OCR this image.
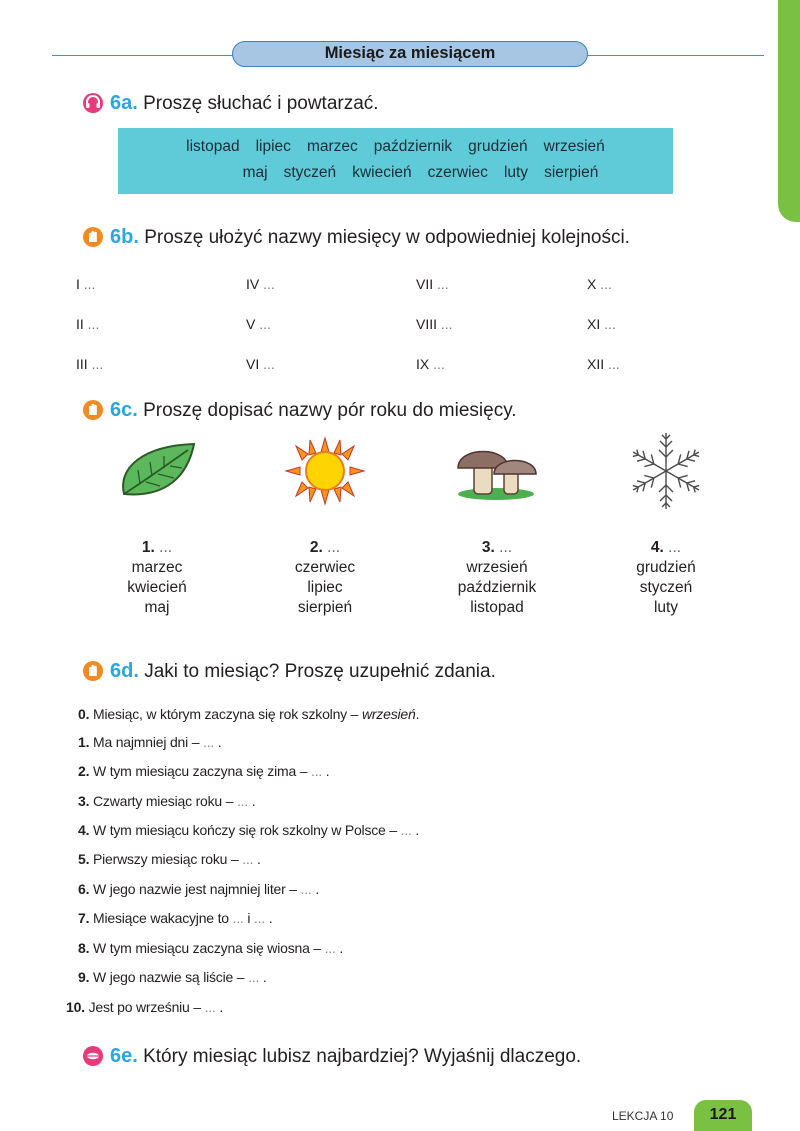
Miesiąc za miesiącem
6a. Proszę słuchać i powtarzać.
listopad lipiec marzec październik grudzień wrzesień
maj styczeń kwiecień czerwiec luty sierpień
6b. Proszę ułożyć nazwy miesięcy w odpowiedniej kolejności.
I ...	IV ...	VII ...	X ...
II ...	V ...	VIII ...	XI ...
III ...	VI ...	IX ...	XII ...
6c. Proszę dopisać nazwy pór roku do miesięcy.
1. ...
marzec
kwiecień
maj
2. ...
czerwiec
lipiec
sierpień
3. ...
wrzesień
październik
listopad
4. ...
grudzień
styczeń
luty
6d. Jaki to miesiąc? Proszę uzupełnić zdania.
0. Miesiąc, w którym zaczyna się rok szkolny – wrzesień.
1. Ma najmniej dni – ... .
2. W tym miesiącu zaczyna się zima – ... .
3. Czwarty miesiąc roku – ... .
4. W tym miesiącu kończy się rok szkolny w Polsce – ... .
5. Pierwszy miesiąc roku – ... .
6. W jego nazwie jest najmniej liter – ... .
7. Miesiące wakacyjne to ... i ... .
8. W tym miesiącu zaczyna się wiosna – ... .
9. W jego nazwie są liście – ... .
10. Jest po wrześniu – ... .
6e. Który miesiąc lubisz najbardziej? Wyjaśnij dlaczego.
LEKCJA 10	121
